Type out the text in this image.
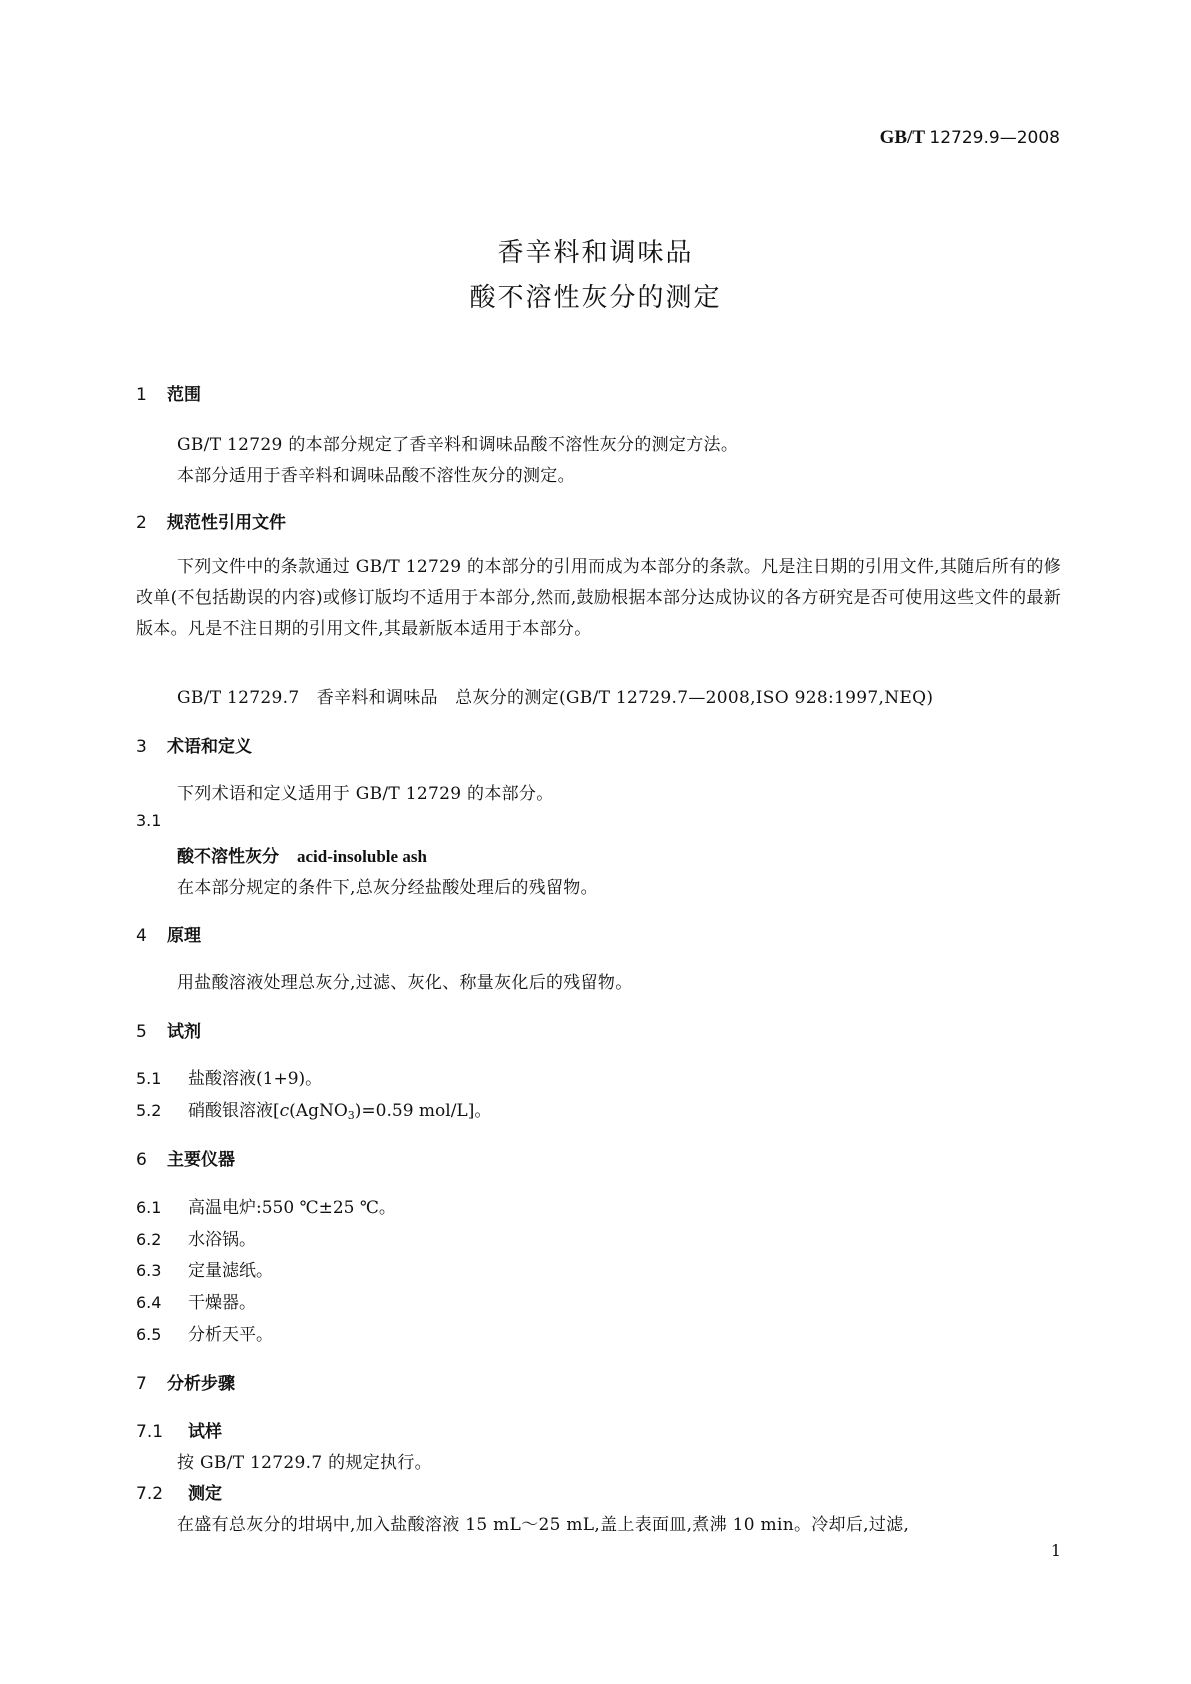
GB/T 12729.9—2008
香辛料和调味品
酸不溶性灰分的测定
1 范围
GB/T 12729 的本部分规定了香辛料和调味品酸不溶性灰分的测定方法。
本部分适用于香辛料和调味品酸不溶性灰分的测定。
2 规范性引用文件
下列文件中的条款通过 GB/T 12729 的本部分的引用而成为本部分的条款。凡是注日期的引用文件,其随后所有的修改单(不包括勘误的内容)或修订版均不适用于本部分,然而,鼓励根据本部分达成协议的各方研究是否可使用这些文件的最新版本。凡是不注日期的引用文件,其最新版本适用于本部分。
GB/T 12729.7　香辛料和调味品　总灰分的测定(GB/T 12729.7—2008,ISO 928:1997,NEQ)
3 术语和定义
下列术语和定义适用于 GB/T 12729 的本部分。
3.1
酸不溶性灰分 acid-insoluble ash
在本部分规定的条件下,总灰分经盐酸处理后的残留物。
4 原理
用盐酸溶液处理总灰分,过滤、灰化、称量灰化后的残留物。
5 试剂
5.1 盐酸溶液(1+9)。
5.2 硝酸银溶液[c(AgNO$_3$)=0.59 mol/L]。
6 主要仪器
6.1 高温电炉:550 ℃±25 ℃。
6.2 水浴锅。
6.3 定量滤纸。
6.4 干燥器。
6.5 分析天平。
7 分析步骤
7.1 试样
按 GB/T 12729.7 的规定执行。
7.2 测定
在盛有总灰分的坩埚中,加入盐酸溶液 15 mL～25 mL,盖上表面皿,煮沸 10 min。冷却后,过滤,
1
